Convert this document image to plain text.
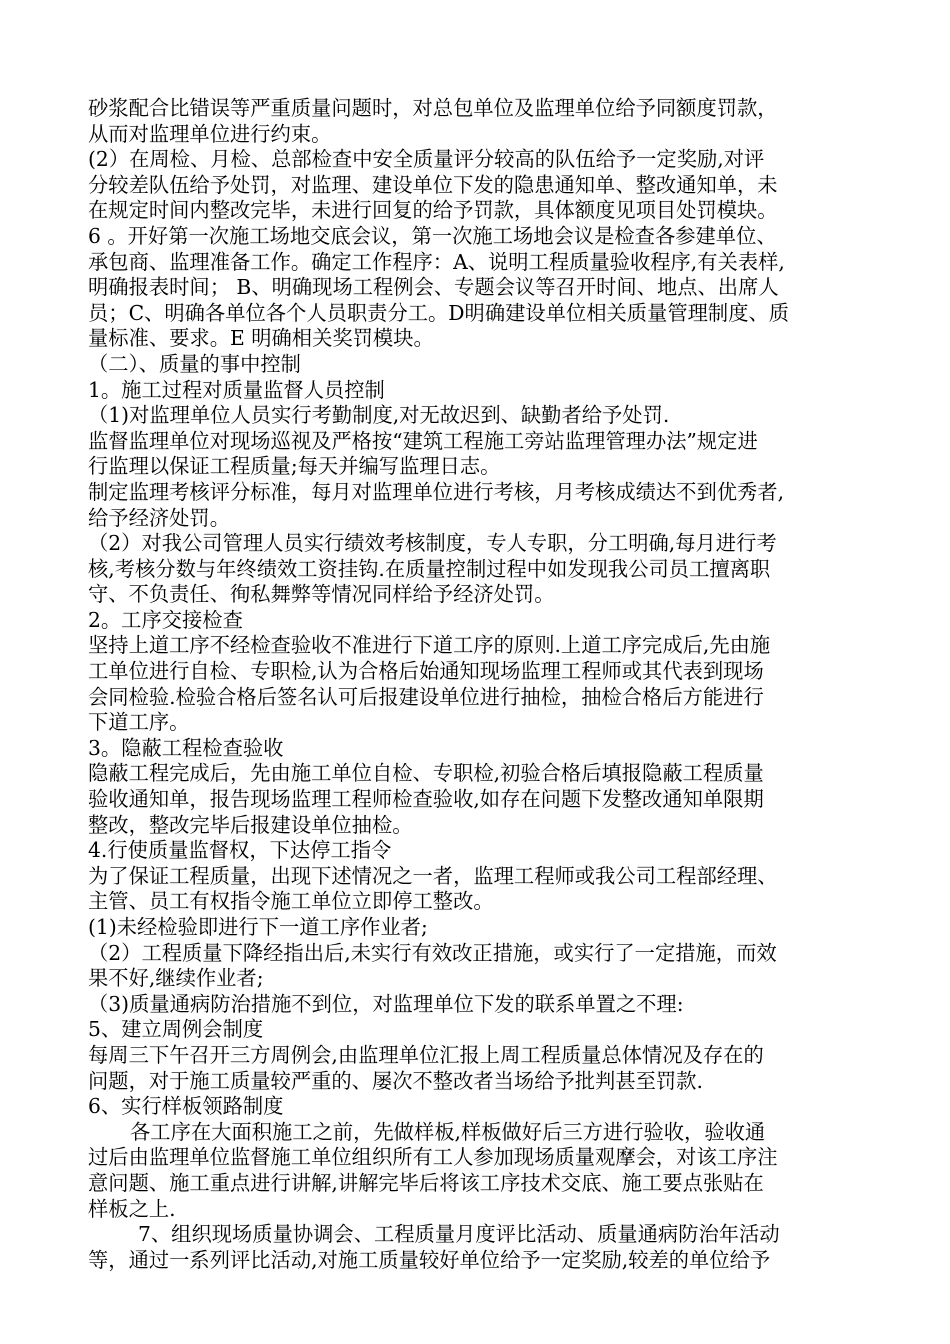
砂浆配合比错误等严重质量问题时，对总包单位及监理单位给予同额度罚款，
从而对监理单位进行约束。
(2）在周检、月检、总部检查中安全质量评分较高的队伍给予一定奖励,对评
分较差队伍给予处罚，对监理、建设单位下发的隐患通知单、整改通知单，未
在规定时间内整改完毕，未进行回复的给予罚款，具体额度见项目处罚模块。
6 。开好第一次施工场地交底会议，第一次施工场地会议是检查各参建单位、
承包商、监理准备工作。确定工作程序：A、说明工程质量验收程序,有关表样,
明确报表时间； B、明确现场工程例会、专题会议等召开时间、地点、出席人
员；C、明确各单位各个人员职责分工。D明确建设单位相关质量管理制度、质
量标准、要求。E 明确相关奖罚模块。
（二）、质量的事中控制
1。施工过程对质量监督人员控制
（1)对监理单位人员实行考勤制度,对无故迟到、缺勤者给予处罚.
监督监理单位对现场巡视及严格按“建筑工程施工旁站监理管理办法”规定进
行监理以保证工程质量;每天并编写监理日志。
制定监理考核评分标准，每月对监理单位进行考核，月考核成绩达不到优秀者,
给予经济处罚。
（2）对我公司管理人员实行绩效考核制度，专人专职，分工明确,每月进行考
核,考核分数与年终绩效工资挂钩.在质量控制过程中如发现我公司员工擅离职
守、不负责任、徇私舞弊等情况同样给予经济处罚。
2。工序交接检查
坚持上道工序不经检查验收不准进行下道工序的原则.上道工序完成后,先由施
工单位进行自检、专职检,认为合格后始通知现场监理工程师或其代表到现场
会同检验.检验合格后签名认可后报建设单位进行抽检，抽检合格后方能进行
下道工序。
3。隐蔽工程检查验收
隐蔽工程完成后，先由施工单位自检、专职检,初验合格后填报隐蔽工程质量
验收通知单，报告现场监理工程师检查验收,如存在问题下发整改通知单限期
整改，整改完毕后报建设单位抽检。
4.行使质量监督权，下达停工指令
为了保证工程质量，出现下述情况之一者，监理工程师或我公司工程部经理、
主管、员工有权指令施工单位立即停工整改。
(1)未经检验即进行下一道工序作业者;
（2）工程质量下降经指出后,未实行有效改正措施，或实行了一定措施，而效
果不好,继续作业者;
（3)质量通病防治措施不到位，对监理单位下发的联系单置之不理:
5、建立周例会制度
每周三下午召开三方周例会,由监理单位汇报上周工程质量总体情况及存在的
问题，对于施工质量较严重的、屡次不整改者当场给予批判甚至罚款.
6、实行样板领路制度
各工序在大面积施工之前，先做样板,样板做好后三方进行验收，验收通
过后由监理单位监督施工单位组织所有工人参加现场质量观摩会，对该工序注
意问题、施工重点进行讲解,讲解完毕后将该工序技术交底、施工要点张贴在
样板之上.
7、组织现场质量协调会、工程质量月度评比活动、质量通病防治年活动
等，通过一系列评比活动,对施工质量较好单位给予一定奖励,较差的单位给予
